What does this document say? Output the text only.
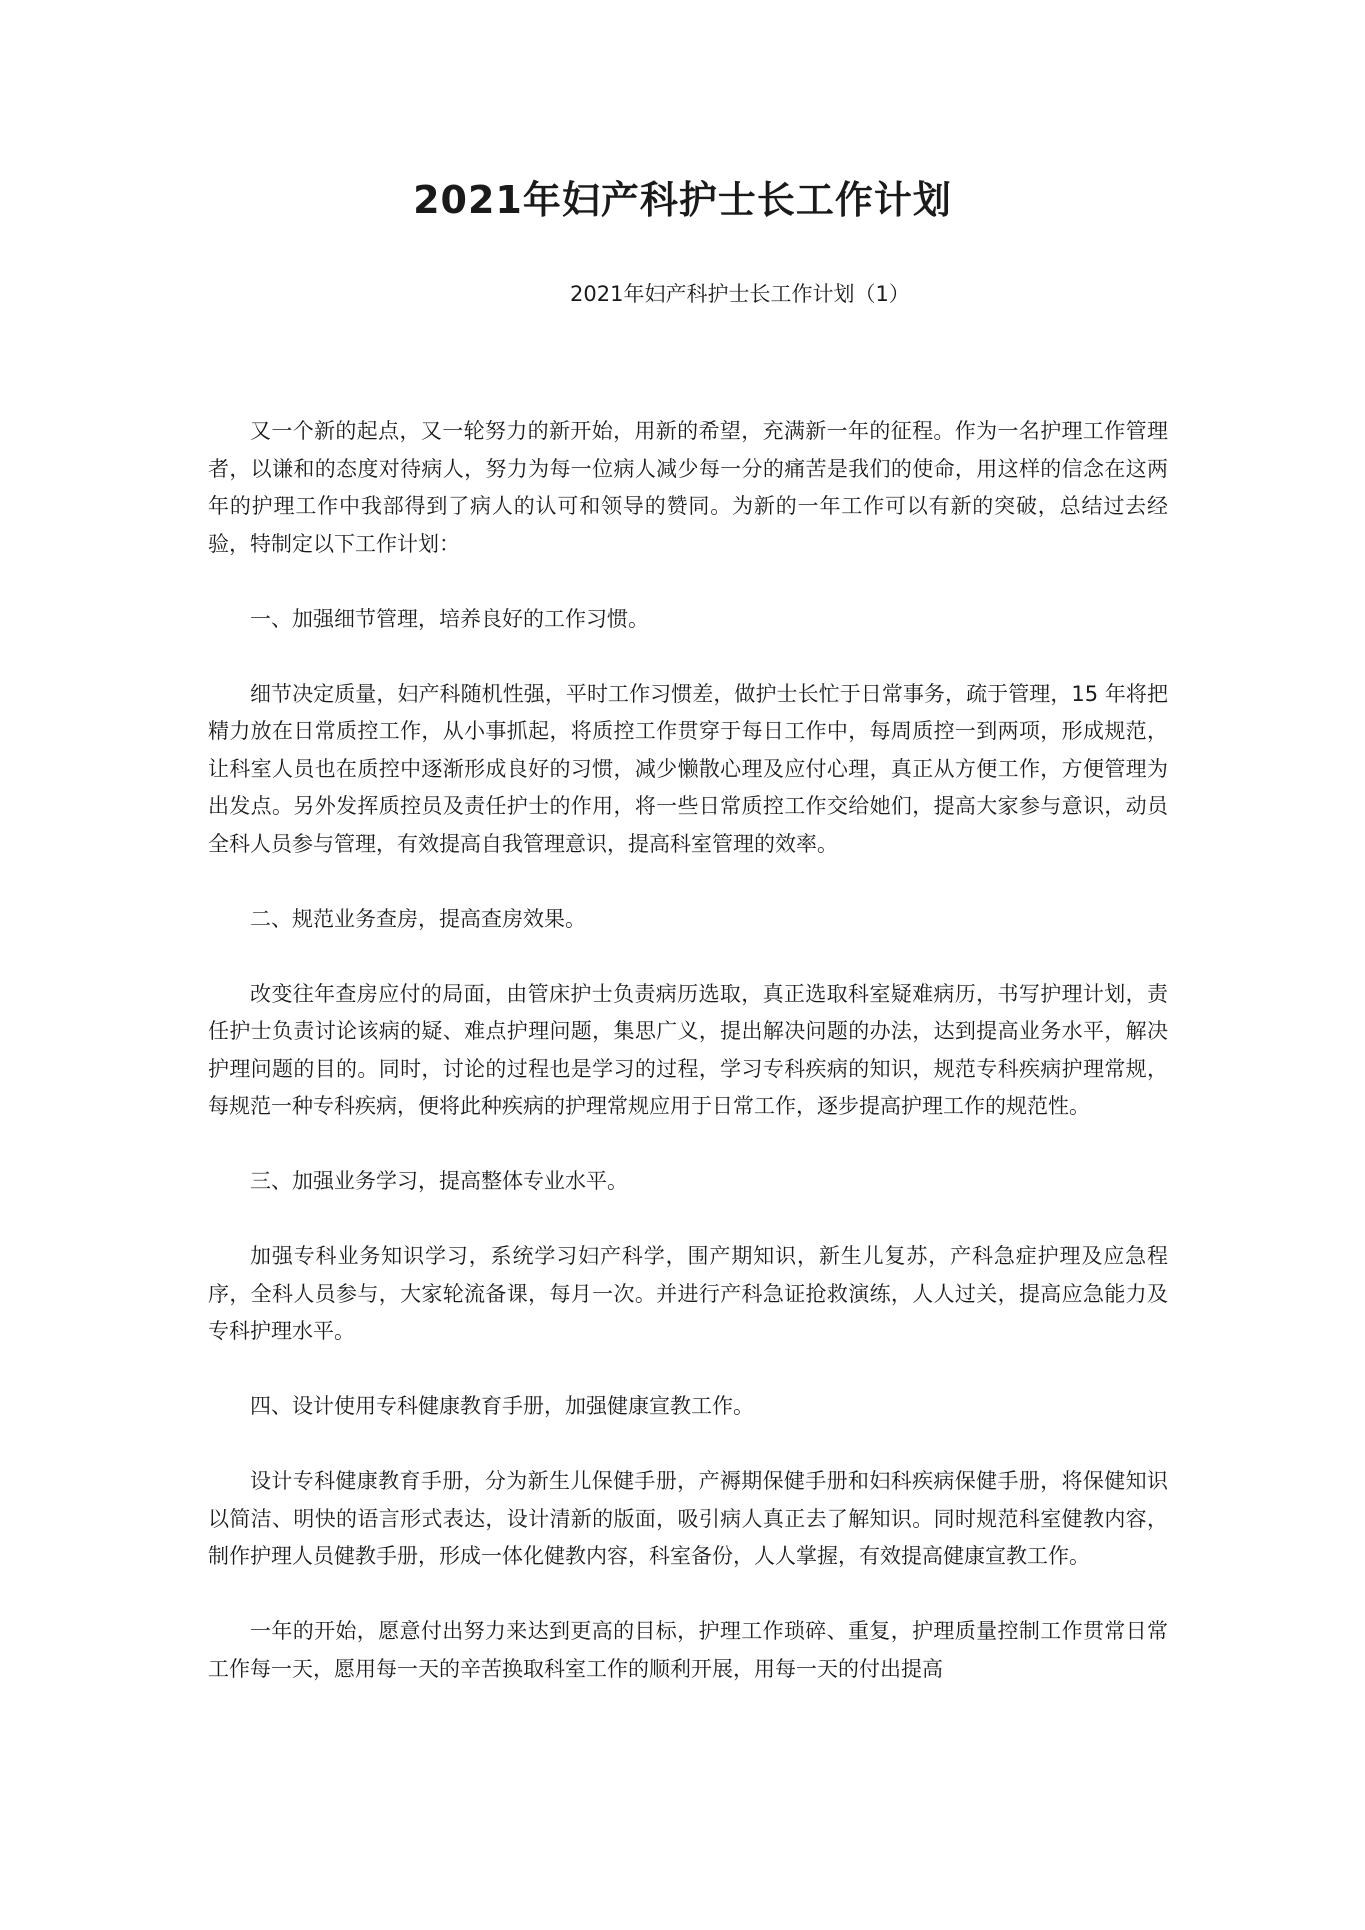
2021年妇产科护士长工作计划

2021年妇产科护士长工作计划（1）

又一个新的起点，又一轮努力的新开始，用新的希望，充满新一年的征程。作为一名护理工作管理者，以谦和的态度对待病人，努力为每一位病人减少每一分的痛苦是我们的使命，用这样的信念在这两年的护理工作中我部得到了病人的认可和领导的赞同。为新的一年工作可以有新的突破，总结过去经验，特制定以下工作计划：

一、加强细节管理，培养良好的工作习惯。

细节决定质量，妇产科随机性强，平时工作习惯差，做护士长忙于日常事务，疏于管理，15 年将把精力放在日常质控工作，从小事抓起，将质控工作贯穿于每日工作中，每周质控一到两项，形成规范，让科室人员也在质控中逐渐形成良好的习惯，减少懒散心理及应付心理，真正从方便工作，方便管理为出发点。另外发挥质控员及责任护士的作用，将一些日常质控工作交给她们，提高大家参与意识，动员全科人员参与管理，有效提高自我管理意识，提高科室管理的效率。

二、规范业务查房，提高查房效果。

改变往年查房应付的局面，由管床护士负责病历选取，真正选取科室疑难病历，书写护理计划，责任护士负责讨论该病的疑、难点护理问题，集思广义，提出解决问题的办法，达到提高业务水平，解决护理问题的目的。同时，讨论的过程也是学习的过程，学习专科疾病的知识，规范专科疾病护理常规，每规范一种专科疾病，便将此种疾病的护理常规应用于日常工作，逐步提高护理工作的规范性。

三、加强业务学习，提高整体专业水平。

加强专科业务知识学习，系统学习妇产科学，围产期知识，新生儿复苏，产科急症护理及应急程序，全科人员参与，大家轮流备课，每月一次。并进行产科急证抢救演练，人人过关，提高应急能力及专科护理水平。

四、设计使用专科健康教育手册，加强健康宣教工作。

设计专科健康教育手册，分为新生儿保健手册，产褥期保健手册和妇科疾病保健手册，将保健知识以简洁、明快的语言形式表达，设计清新的版面，吸引病人真正去了解知识。同时规范科室健教内容，制作护理人员健教手册，形成一体化健教内容，科室备份，人人掌握，有效提高健康宣教工作。

一年的开始，愿意付出努力来达到更高的目标，护理工作琐碎、重复，护理质量控制工作贯常日常工作每一天，愿用每一天的辛苦换取科室工作的顺利开展，用每一天的付出提高
